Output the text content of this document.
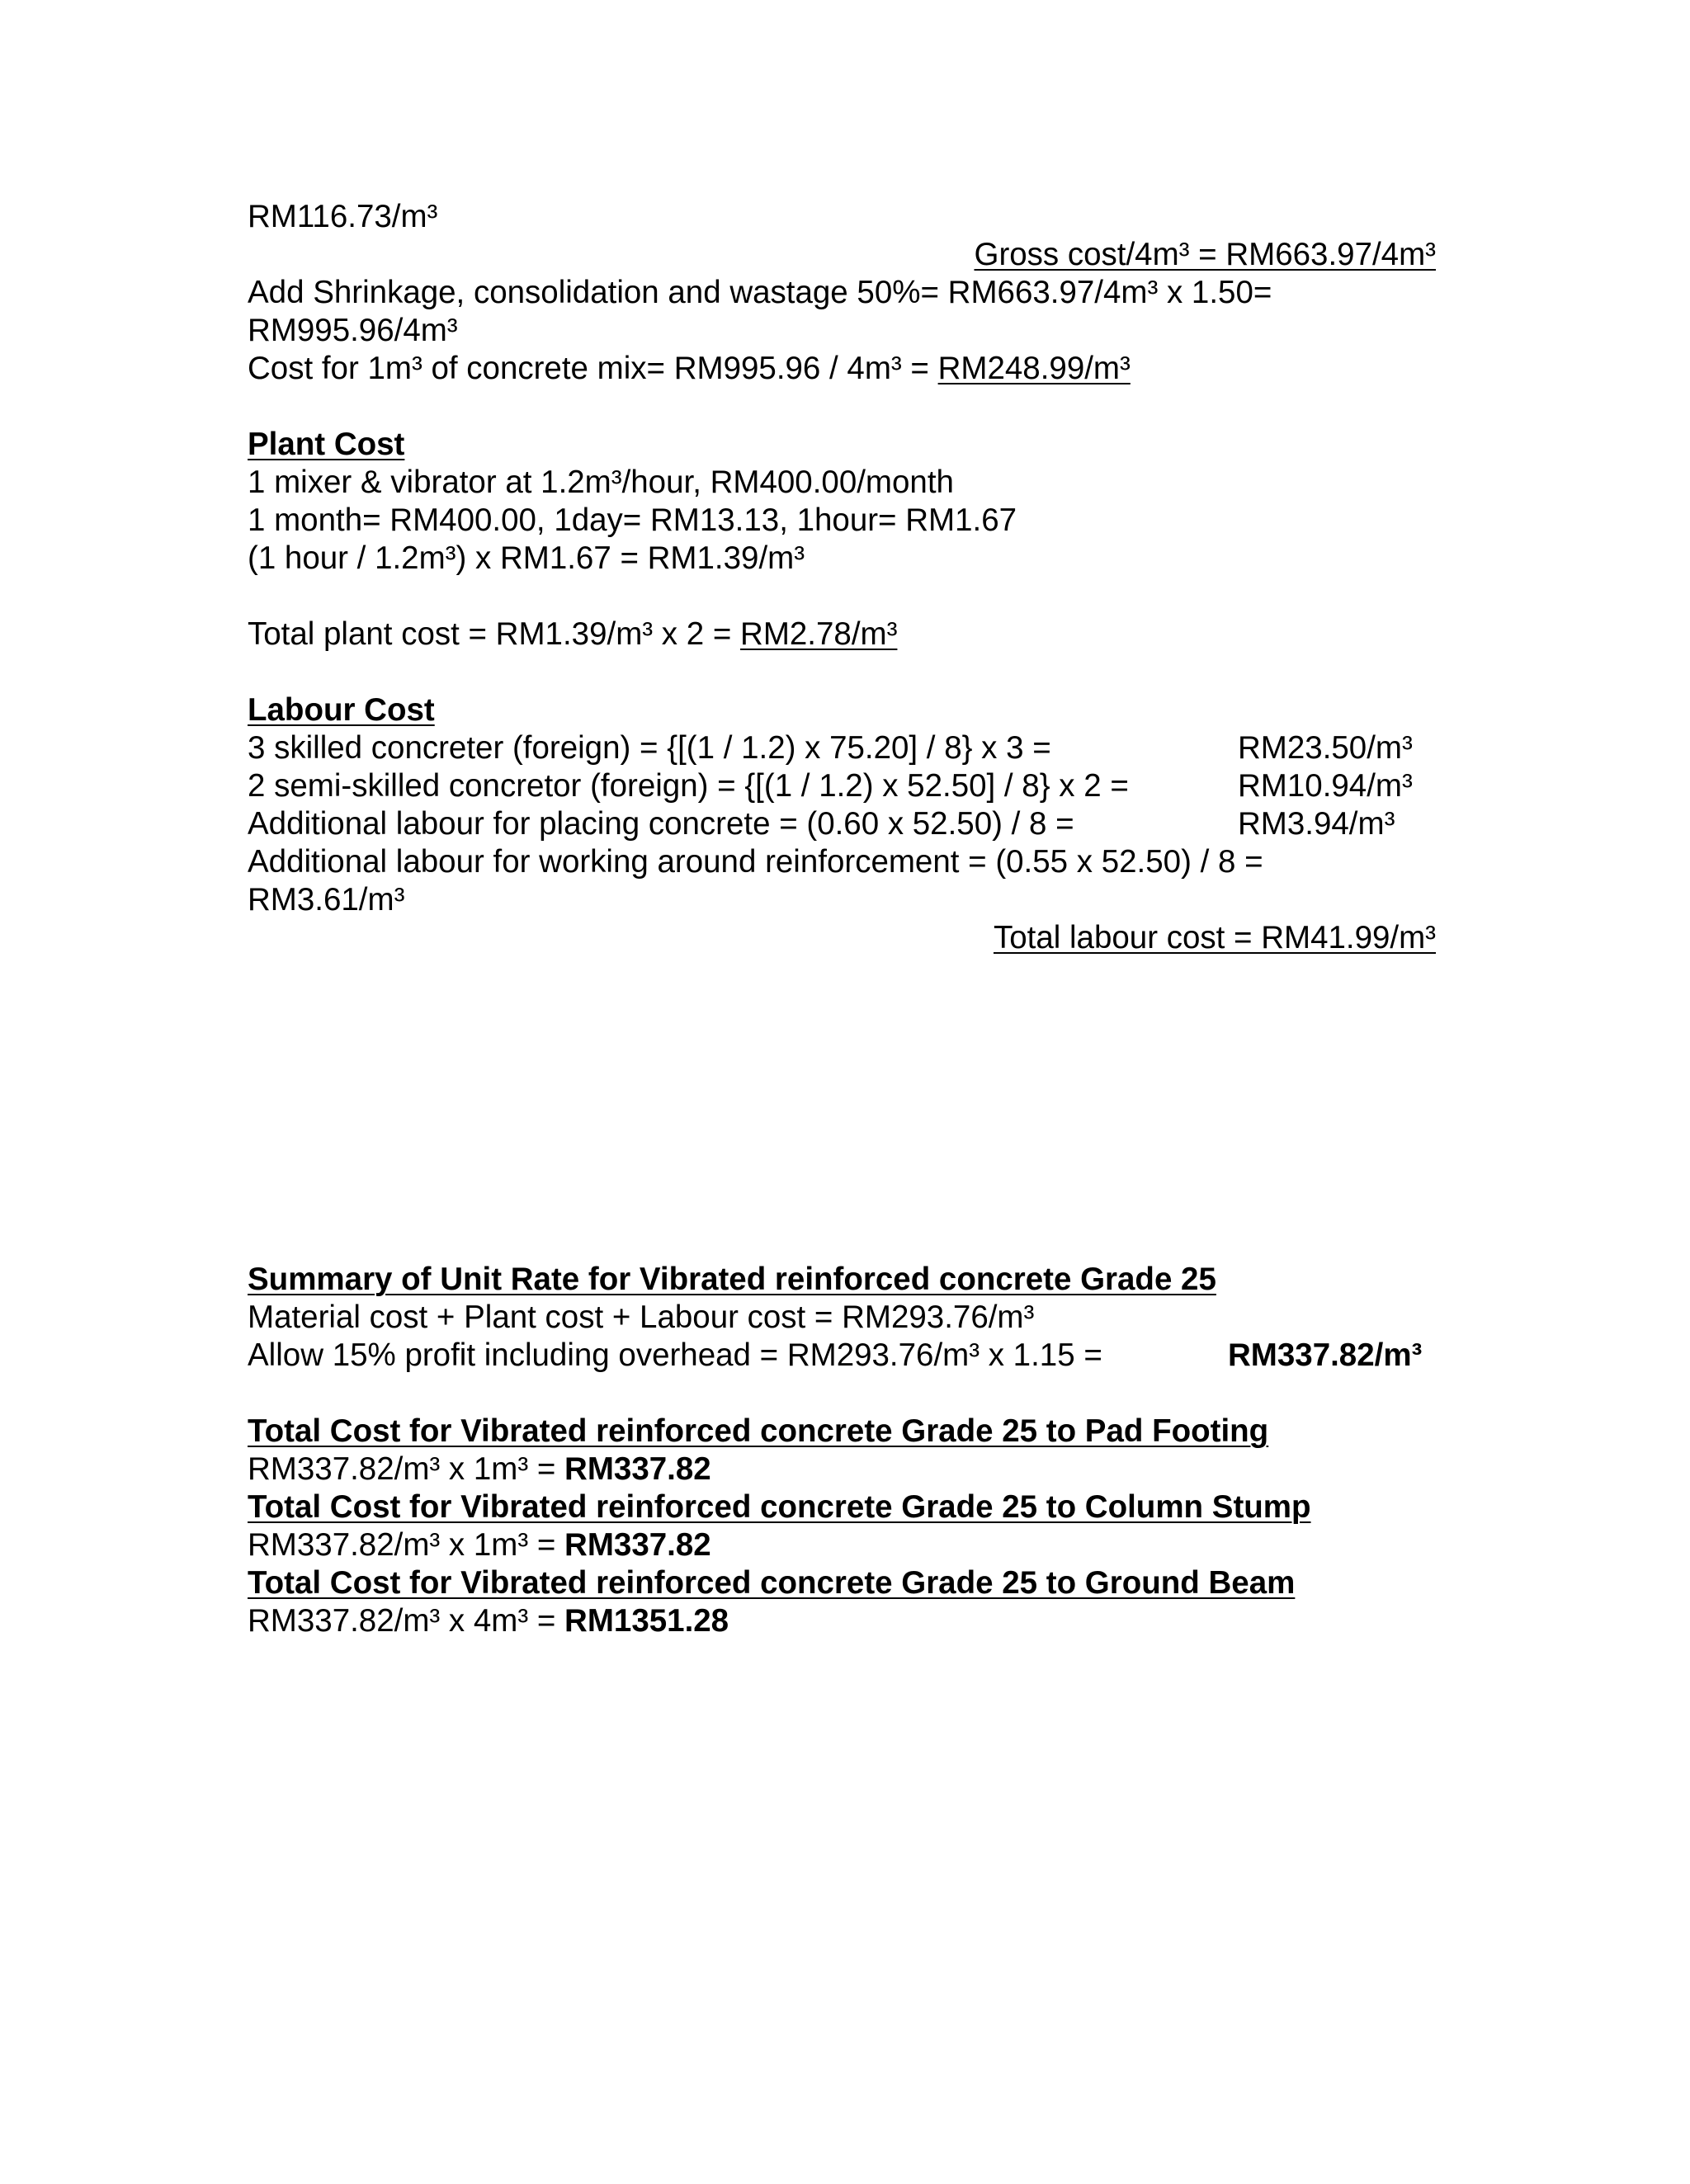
RM116.73/m³
Gross cost/4m³ = RM663.97/4m³
Add Shrinkage, consolidation and wastage 50%= RM663.97/4m³ x 1.50=
RM995.96/4m³
Cost for 1m³ of concrete mix= RM995.96 / 4m³ = RM248.99/m³
Plant Cost
1 mixer & vibrator at 1.2m³/hour, RM400.00/month
1 month= RM400.00, 1day= RM13.13, 1hour= RM1.67
(1 hour / 1.2m³) x RM1.67 = RM1.39/m³
Total plant cost = RM1.39/m³ x 2 = RM2.78/m³
Labour Cost
3 skilled concreter (foreign) = {[(1 / 1.2) x 75.20] / 8} x 3 =	RM23.50/m³
2 semi-skilled concretor (foreign) = {[(1 / 1.2) x 52.50] / 8} x 2 =	RM10.94/m³
Additional labour for placing concrete = (0.60 x 52.50) / 8 =	RM3.94/m³
Additional labour for working around reinforcement = (0.55 x 52.50) / 8 =
RM3.61/m³
Total labour cost = RM41.99/m³
Summary of Unit Rate for Vibrated reinforced concrete Grade 25
Material cost + Plant cost + Labour cost = RM293.76/m³
Allow 15% profit including overhead = RM293.76/m³ x 1.15 =	RM337.82/m³
Total Cost for Vibrated reinforced concrete Grade 25 to Pad Footing
RM337.82/m³ x 1m³ = RM337.82
Total Cost for Vibrated reinforced concrete Grade 25 to Column Stump
RM337.82/m³ x 1m³ = RM337.82
Total Cost for Vibrated reinforced concrete Grade 25 to Ground Beam
RM337.82/m³ x 4m³ = RM1351.28
